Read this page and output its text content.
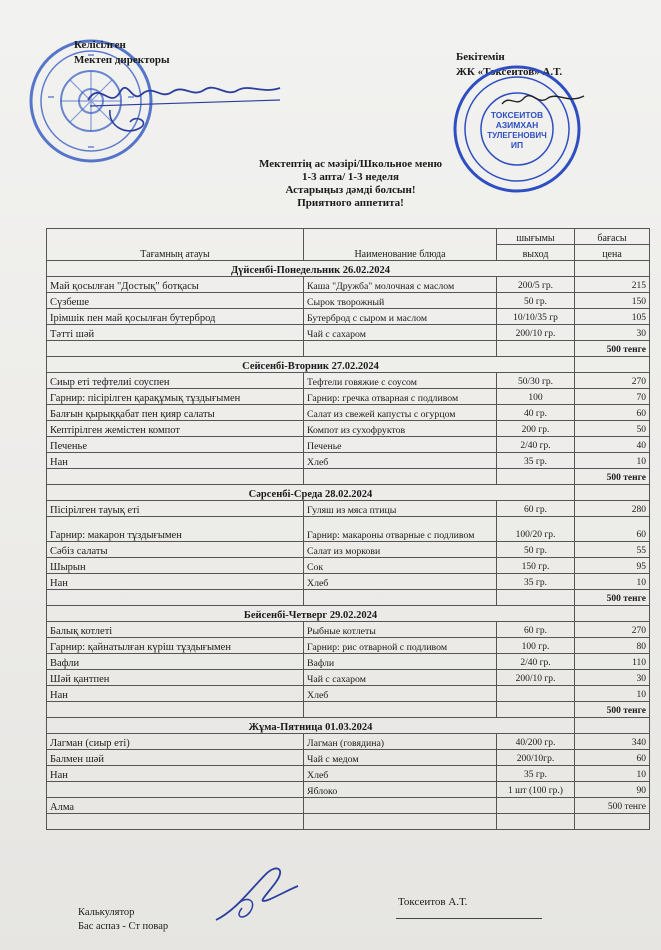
Келісілген
Мектеп директоры	Бекітемін
ЖК «Токсеитов» А.Т.
ТОКСЕИТОВ
АЗИМХАН
ТУЛЕГЕНОВИЧ
ИП
Мектептің ас мәзірі/Школьное меню
1-3 апта/ 1-3 неделя
Астарыңыз дәмді болсын!
Приятного аппетита!
Тағамның атауы	Наименование блюда	шығымы	бағасы
		выход	цена
Дүйсенбі-Понедельник 26.02.2024			
Май қосылған "Достық" ботқасы	Каша "Дружба" молочная с маслом	200/5 гр.	215
Сүзбеше	Сырок творожный	50 гр.	150
Ірімшік пен май қосылған бутерброд	Бутерброд с сыром и маслом	10/10/35 гр	105
Тәтті шәй	Чай с сахаром	200/10 гр.	30
			500 тенге
Сейсенбі-Вторник 27.02.2024			
Сиыр еті тефтелиі соуспен	Тефтели говяжие с соусом	50/30 гр.	270
Гарнир: пісірілген қарақұмық тұздығымен	Гарнир: гречка отварная с подливом	100	70
Балғын қырыққабат пен қияр салаты	Салат из свежей капусты с огурцом	40 гр.	60
Кептірілген жемістен компот	Компот из сухофруктов	200 гр.	50
Печенье	Печенье	2/40 гр.	40
Нан	Хлеб	35 гр.	10
			500 тенге
Сәрсенбі-Среда 28.02.2024			
Пісірілген тауық еті	Гуляш из мяса птицы	60 гр.	280
Гарнир: макарон тұздығымен	Гарнир: макароны отварные с подливом	100/20 гр.	60
Сәбіз салаты	Салат из моркови	50 гр.	55
Шырын	Сок	150 гр.	95
Нан	Хлеб	35 гр.	10
			500 тенге
Бейсенбі-Четверг 29.02.2024			
Балық котлеті	Рыбные котлеты	60 гр.	270
Гарнир: қайнатылған күріш тұздығымен	Гарнир: рис отварной с подливом	100 гр.	80
Вафли	Вафли	2/40 гр.	110
Шәй қантпен	Чай с сахаром	200/10 гр.	30
Нан	Хлеб		10
			500 тенге
Жұма-Пятница 01.03.2024			
Лагман (сиыр еті)	Лагман (говядина)	40/200 гр.	340
Балмен шәй	Чай с медом	200/10гр.	60
Нан	Хлеб	35 гр.	10
	Яблоко	1 шт (100 гр.)	90
Алма			500 тенге

Калькулятор
Бас аспаз - Ст повар
Токсеитов А.Т.
